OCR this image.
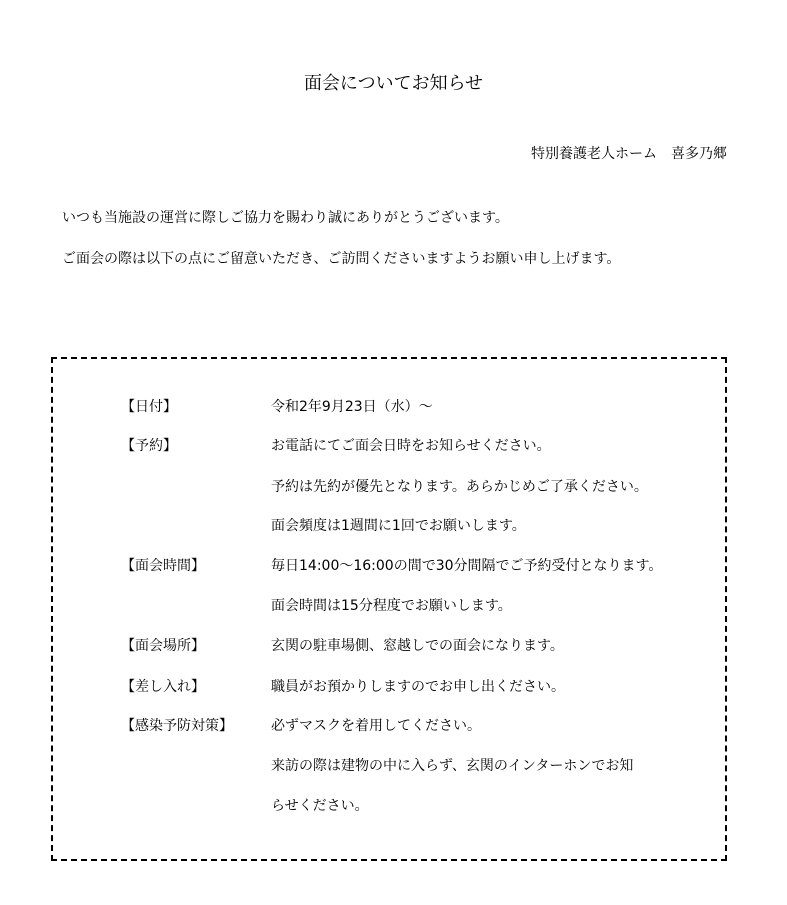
面会についてお知らせ
特別養護老人ホーム　喜多乃郷
いつも当施設の運営に際しご協力を賜わり誠にありがとうございます。
ご面会の際は以下の点にご留意いただき、ご訪問くださいますようお願い申し上げます。
【日付】	令和2年9月23日（水）～
【予約】	お電話にてご面会日時をお知らせください。
予約は先約が優先となります。あらかじめご了承ください。
面会頻度は1週間に1回でお願いします。
【面会時間】	毎日14:00～16:00の間で30分間隔でご予約受付となります。
面会時間は15分程度でお願いします。
【面会場所】	玄関の駐車場側、窓越しでの面会になります。
【差し入れ】	職員がお預かりしますのでお申し出ください。
【感染予防対策】	必ずマスクを着用してください。
来訪の際は建物の中に入らず、玄関のインターホンでお知
らせください。
